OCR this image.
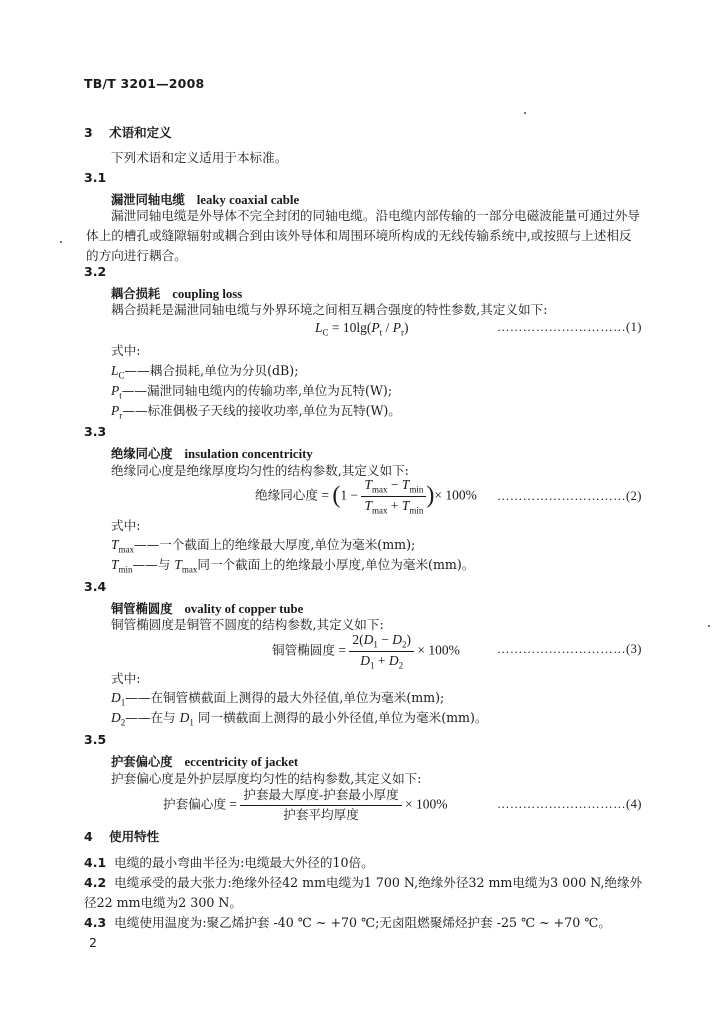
TB/T 3201—2008
3 术语和定义
下列术语和定义适用于本标准。
3.1
漏泄同轴电缆 leaky coaxial cable
漏泄同轴电缆是外导体不完全封闭的同轴电缆。沿电缆内部传输的一部分电磁波能量可通过外导体上的槽孔或缝隙辐射或耦合到由该外导体和周围环境所构成的无线传输系统中,或按照与上述相反的方向进行耦合。
3.2
耦合损耗 coupling loss
耦合损耗是漏泄同轴电缆与外界环境之间相互耦合强度的特性参数,其定义如下:
$L_C = 10\lg(P_t / P_r)$	…………………………(1)
式中:
$L_C——$耦合损耗,单位为分贝(dB);
$P_t——$漏泄同轴电缆内的传输功率,单位为瓦特(W);
$P_r——$标准偶极子天线的接收功率,单位为瓦特(W)。
3.3
绝缘同心度 insulation concentricity
绝缘同心度是绝缘厚度均匀性的结构参数,其定义如下:
绝缘同心度 = ($1 - \frac{T_{max} - T_{min}}{T_{max} + T_{min}}$ )× 100% …………………………(2)
式中:
$T_{max}——$一个截面上的绝缘最大厚度,单位为毫米(mm);
$T_{min}——$与 $T_{max}$同一个截面上的绝缘最小厚度,单位为毫米(mm)。
3.4
铜管椭圆度 ovality of copper tube
铜管椭圆度是铜管不圆度的结构参数,其定义如下:
铜管椭圆度 = $\frac{2(D_1 - D_2)}{D_1 + D_2} \times 100\%$	…………………………(3)
式中:
$D_1——$在铜管横截面上测得的最大外径值,单位为毫米(mm);
$D_2——$在与 $D_1$ 同一横截面上测得的最小外径值,单位为毫米(mm)。
3.5
护套偏心度 eccentricity of jacket
护套偏心度是外护层厚度均匀性的结构参数,其定义如下:
护套偏心度 = $\frac{\text{护套最大厚度-护套最小厚度}}{\text{护套平均厚度}} \times 100\%$	…………………………(4)
4 使用特性
4.1 电缆的最小弯曲半径为:电缆最大外径的10倍。
4.2 电缆承受的最大张力:绝缘外径42 mm电缆为1 700 N,绝缘外径32 mm电缆为3 000 N,绝缘外径22 mm电缆为2 300 N。
4.3 电缆使用温度为:聚乙烯护套 -40 ℃ ~ +70 ℃;无卤阻燃聚烯烃护套 -25 ℃ ~ +70 ℃。
2
